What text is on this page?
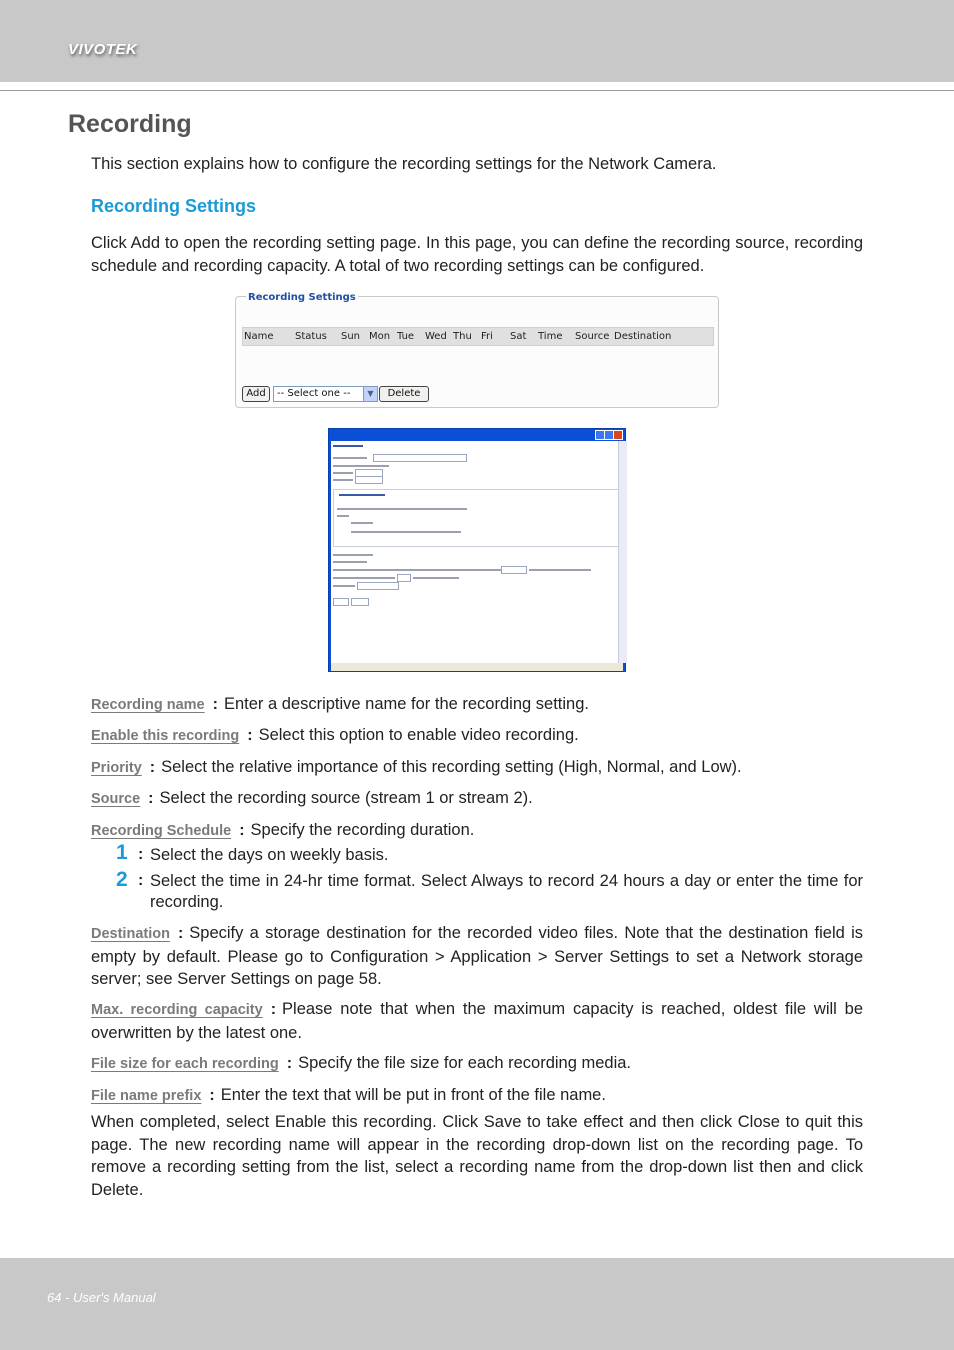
VIVOTEK
Recording

This section explains how to configure the recording settings for the Network Camera.

Recording Settings

Click Add to open the recording setting page. In this page, you can define the recording source, recording schedule and recording capacity. A total of two recording settings can be configured.

Recording Settings
Name Status Sun Mon Tue Wed Thu Fri Sat Time Source Destination
Add	-- Select one --	▼	Delete

Recording name : Enter a descriptive name for the recording setting.

Enable this recording : Select this option to enable video recording.

Priority : Select the relative importance of this recording setting (High, Normal, and Low).

Source : Select the recording source (stream 1 or stream 2).

Recording Schedule : Specify the recording duration.

1 : Select the days on weekly basis.

2 : Select the time in 24-hr time format. Select Always to record 24 hours a day or enter the time for recording.

Destination : Specify a storage destination for the recorded video files. Note that the destination field is empty by default. Please go to Configuration > Application > Server Settings to set a Network storage server; see Server Settings on page 58.

Max. recording capacity : Please note that when the maximum capacity is reached, oldest file will be overwritten by the latest one.

File size for each recording : Specify the file size for each recording media.

File name prefix : Enter the text that will be put in front of the file name.

When completed, select Enable this recording. Click Save to take effect and then click Close to quit this page. The new recording name will appear in the recording drop-down list on the recording page. To remove a recording setting from the list, select a recording name from the drop-down list then and click Delete.

64 - User's Manual
